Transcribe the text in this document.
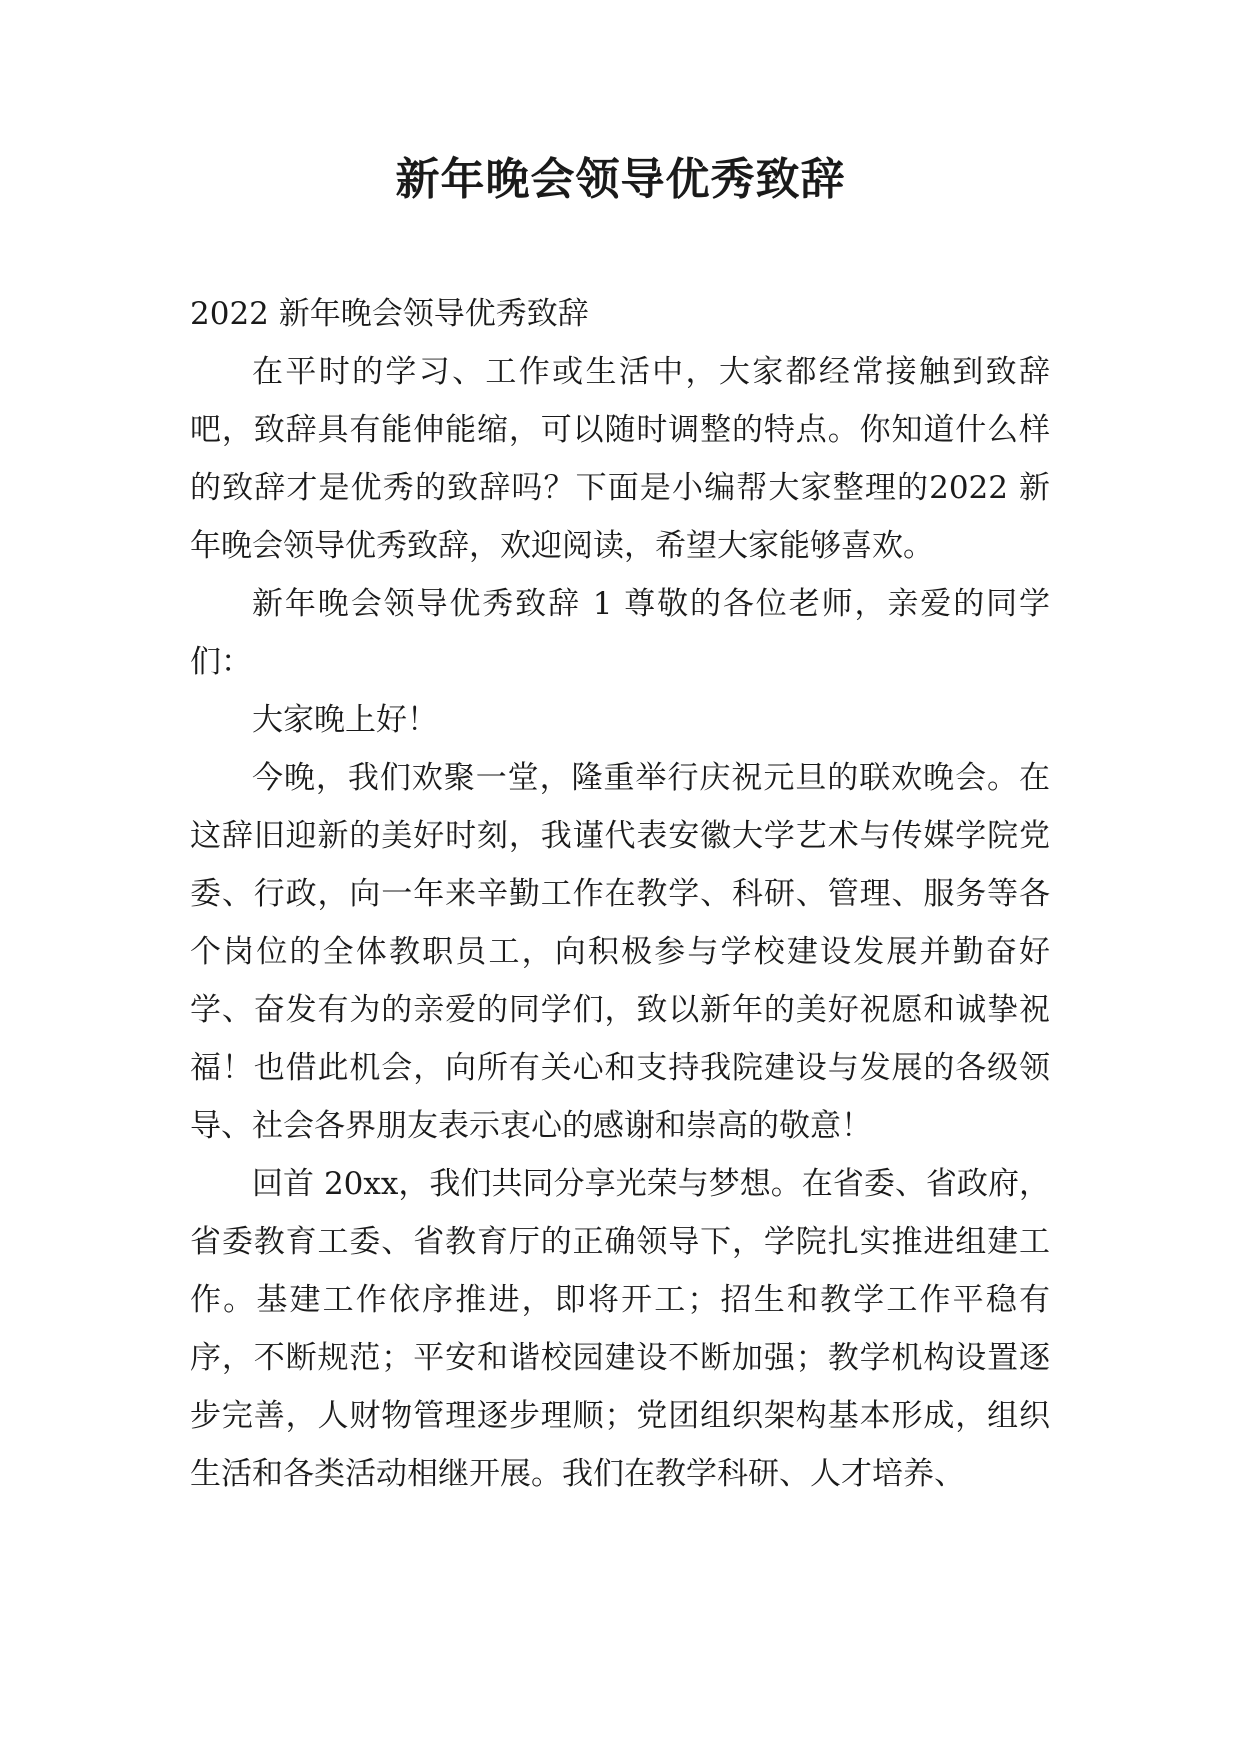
新年晚会领导优秀致辞

2022 新年晚会领导优秀致辞

在平时的学习、工作或生活中，大家都经常接触到致辞吧，致辞具有能伸能缩，可以随时调整的特点。你知道什么样的致辞才是优秀的致辞吗？下面是小编帮大家整理的2022 新年晚会领导优秀致辞，欢迎阅读，希望大家能够喜欢。

新年晚会领导优秀致辞 1 尊敬的各位老师，亲爱的同学们：

大家晚上好！

今晚，我们欢聚一堂，隆重举行庆祝元旦的联欢晚会。在这辞旧迎新的美好时刻，我谨代表安徽大学艺术与传媒学院党委、行政，向一年来辛勤工作在教学、科研、管理、服务等各个岗位的全体教职员工，向积极参与学校建设发展并勤奋好学、奋发有为的亲爱的同学们，致以新年的美好祝愿和诚挚祝福！也借此机会，向所有关心和支持我院建设与发展的各级领导、社会各界朋友表示衷心的感谢和崇高的敬意！

回首 20xx，我们共同分享光荣与梦想。在省委、省政府，省委教育工委、省教育厅的正确领导下，学院扎实推进组建工作。基建工作依序推进，即将开工；招生和教学工作平稳有序，不断规范；平安和谐校园建设不断加强；教学机构设置逐步完善，人财物管理逐步理顺；党团组织架构基本形成，组织生活和各类活动相继开展。我们在教学科研、人才培养、
